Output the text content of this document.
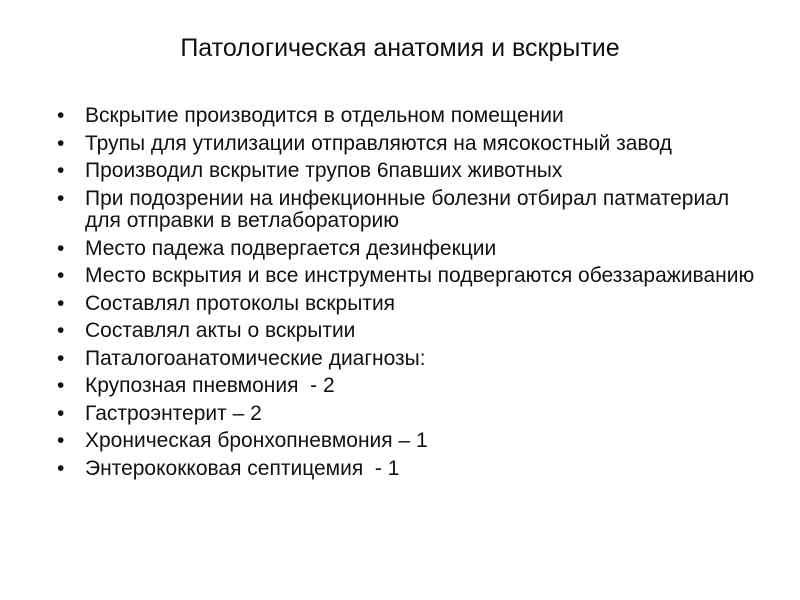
Патологическая анатомия и вскрытие
• Вскрытие производится в отдельном помещении
• Трупы для утилизации отправляются на мясокостный завод
• Производил вскрытие трупов 6павших животных
• При подозрении на инфекционные болезни отбирал патматериал для отправки в ветлабораторию
• Место падежа подвергается дезинфекции
• Место вскрытия и все инструменты подвергаются обеззараживанию
• Составлял протоколы вскрытия
• Составлял акты о вскрытии
• Паталогоанатомические диагнозы:
• Крупозная пневмония  - 2
• Гастроэнтерит – 2
• Хроническая бронхопневмония – 1
• Энтерококковая септицемия  - 1
